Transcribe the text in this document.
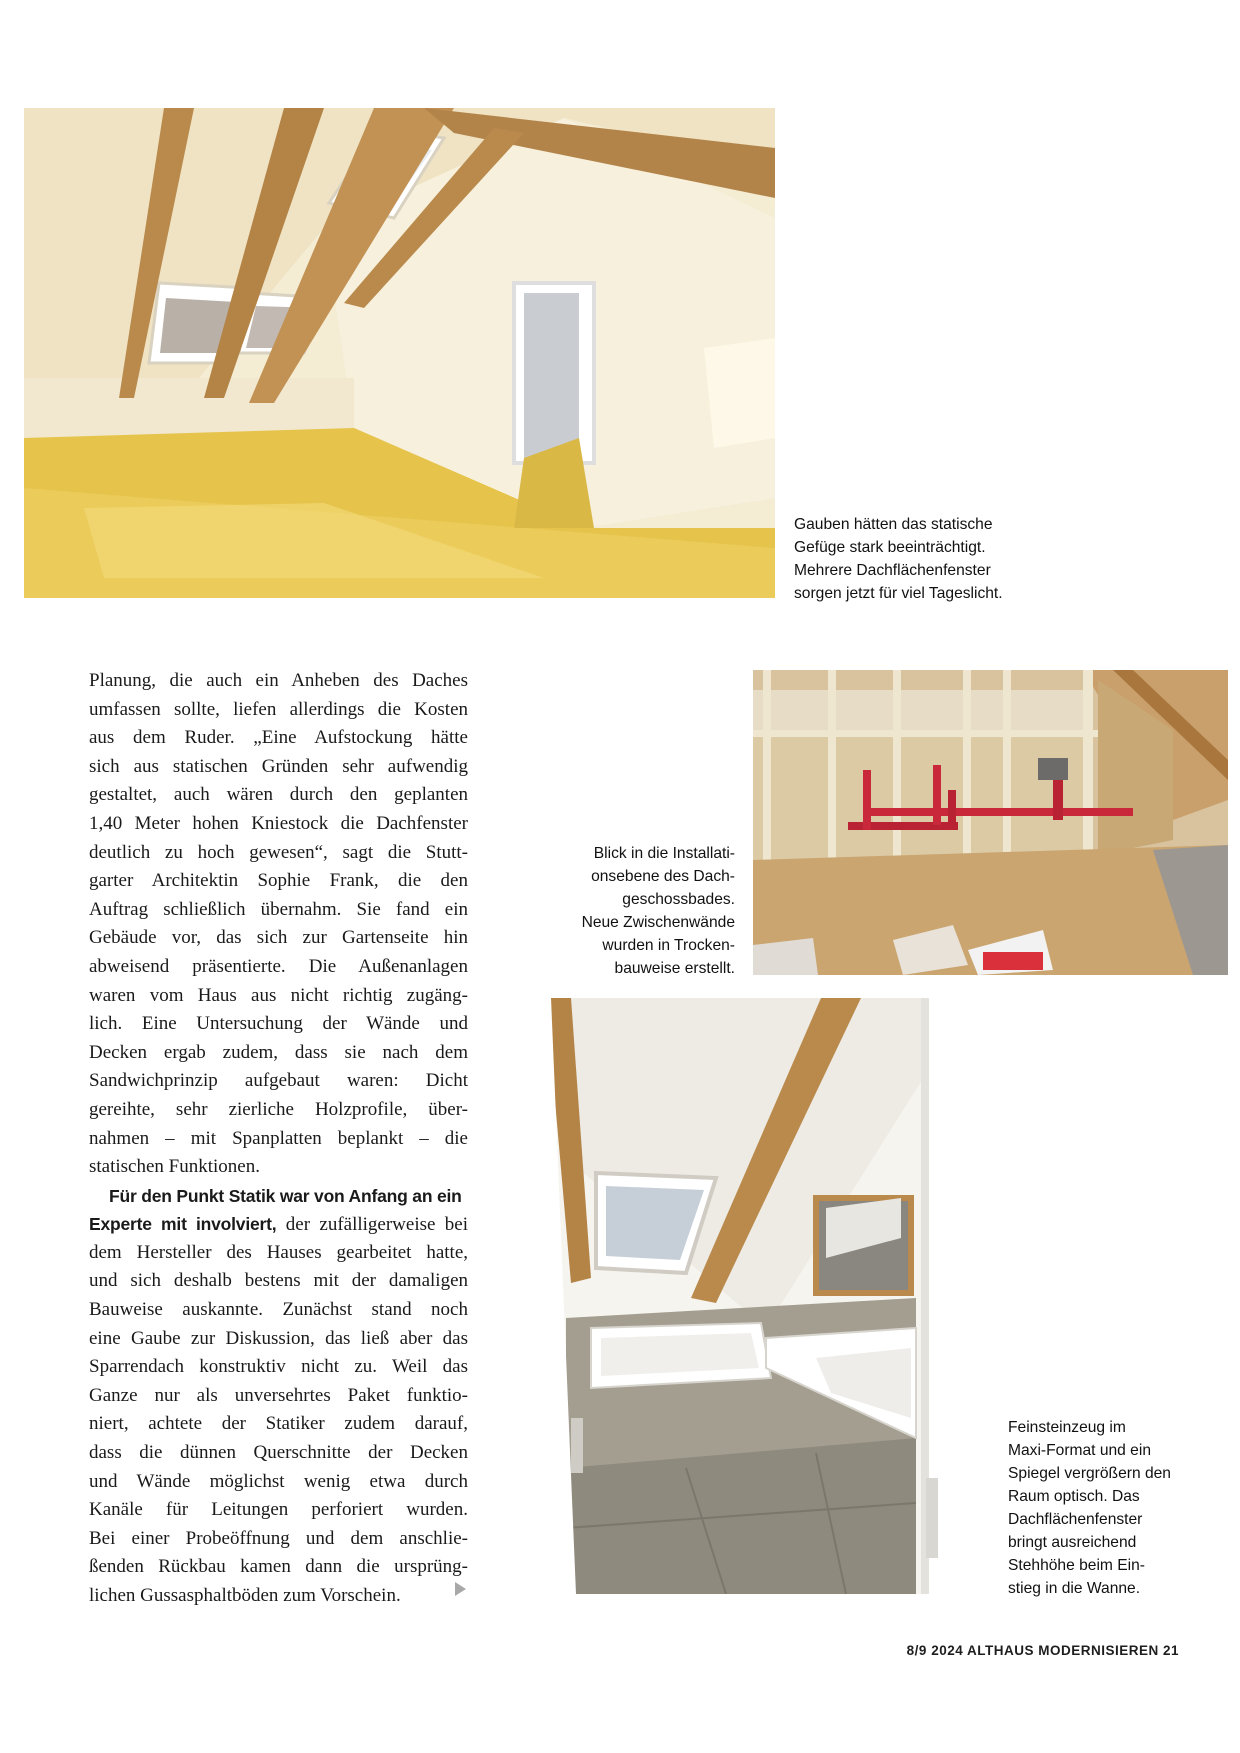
Gauben hätten das statische
Gefüge stark beeinträchtigt.
Mehrere Dachflächenfenster
sorgen jetzt für viel Tageslicht.
Planung, die auch ein Anheben des Daches
umfassen sollte, liefen allerdings die Kosten
aus dem Ruder. „Eine Aufstockung hätte
sich aus statischen Gründen sehr aufwendig
gestaltet, auch wären durch den geplanten
1,40 Meter hohen Kniestock die Dachfenster
deutlich zu hoch gewesen“, sagt die Stutt-
garter Architektin Sophie Frank, die den
Auftrag schließlich übernahm. Sie fand ein
Gebäude vor, das sich zur Gartenseite hin
abweisend präsentierte. Die Außenanlagen
waren vom Haus aus nicht richtig zugäng-
lich. Eine Untersuchung der Wände und
Decken ergab zudem, dass sie nach dem
Sandwichprinzip aufgebaut waren: Dicht
gereihte, sehr zierliche Holzprofile, über-
nahmen – mit Spanplatten beplankt – die
statischen Funktionen.
Für den Punkt Statik war von Anfang an ein
Experte mit involviert, der zufälligerweise bei
dem Hersteller des Hauses gearbeitet hatte,
und sich deshalb bestens mit der damaligen
Bauweise auskannte. Zunächst stand noch
eine Gaube zur Diskussion, das ließ aber das
Sparrendach konstruktiv nicht zu. Weil das
Ganze nur als unversehrtes Paket funktio-
niert, achtete der Statiker zudem darauf,
dass die dünnen Querschnitte der Decken
und Wände möglichst wenig etwa durch
Kanäle für Leitungen perforiert wurden.
Bei einer Probeöffnung und dem anschlie-
ßenden Rückbau kamen dann die ursprüng-
lichen Gussasphaltböden zum Vorschein.
Blick in die Installati-
onsebene des Dach-
geschossbades.
Neue Zwischenwände
wurden in Trocken-
bauweise erstellt.
Feinsteinzeug im
Maxi-Format und ein
Spiegel vergrößern den
Raum optisch. Das
Dachflächenfenster
bringt ausreichend
Stehhöhe beim Ein-
stieg in die Wanne.
8/9 2024 ALTHAUS MODERNISIEREN 21
